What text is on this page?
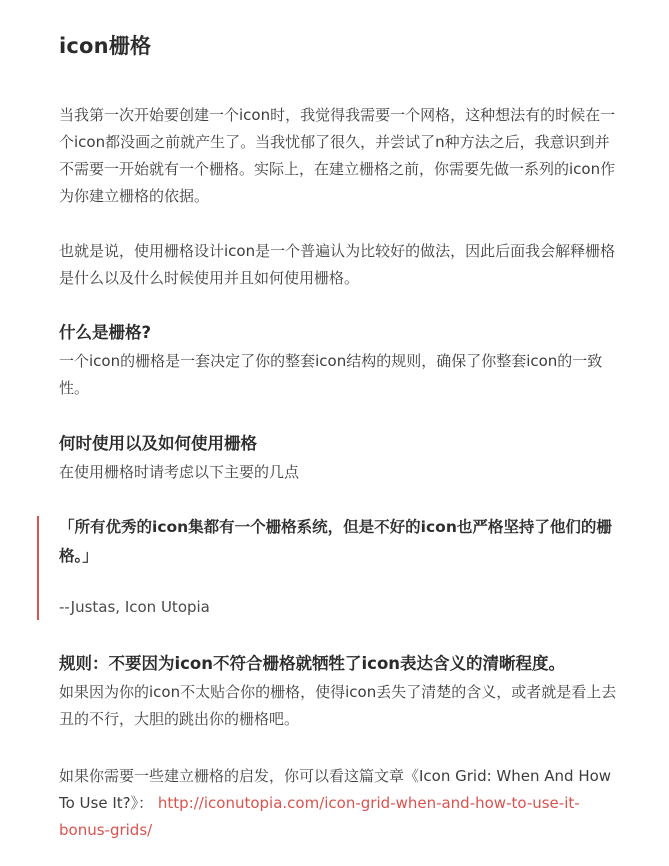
icon栅格

当我第一次开始要创建一个icon时，我觉得我需要一个网格，这种想法有的时候在一个icon都没画之前就产生了。当我忧郁了很久，并尝试了n种方法之后，我意识到并不需要一开始就有一个栅格。实际上，在建立栅格之前，你需要先做一系列的icon作为你建立栅格的依据。

也就是说，使用栅格设计icon是一个普遍认为比较好的做法，因此后面我会解释栅格是什么以及什么时候使用并且如何使用栅格。

什么是栅格?

一个icon的栅格是一套决定了你的整套icon结构的规则，确保了你整套icon的一致性。

何时使用以及如何使用栅格

在使用栅格时请考虑以下主要的几点

「所有优秀的icon集都有一个栅格系统，但是不好的icon也严格坚持了他们的栅格。」

--Justas, Icon Utopia

规则：不要因为icon不符合栅格就牺牲了icon表达含义的清晰程度。

如果因为你的icon不太贴合你的栅格，使得icon丢失了清楚的含义，或者就是看上去丑的不行，大胆的跳出你的栅格吧。

如果你需要一些建立栅格的启发，你可以看这篇文章《Icon Grid: When And How To Use It?》： http://iconutopia.com/icon-grid-when-and-how-to-use-it-bonus-grids/
